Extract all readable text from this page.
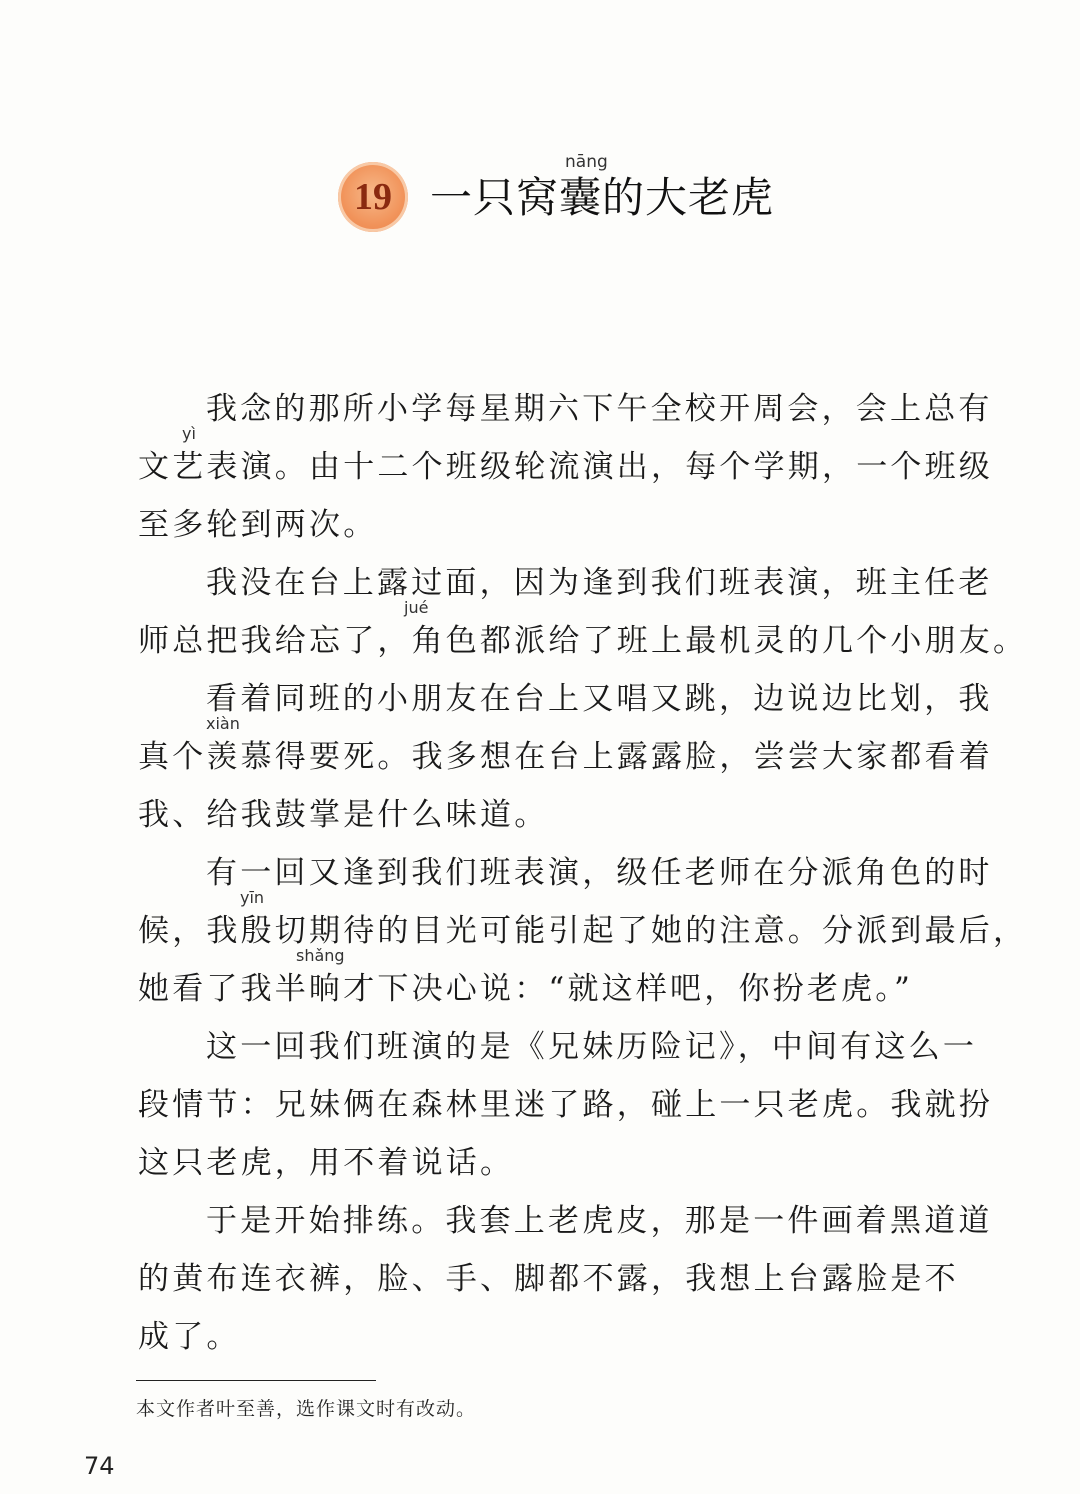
19
nāng
一只窝囊的大老虎
我念的那所小学每星期六下午全校开周会，会上总有
yì
文艺表演。由十二个班级轮流演出，每个学期，一个班级
至多轮到两次。
我没在台上露过面，因为逢到我们班表演，班主任老
jué
师总把我给忘了，角色都派给了班上最机灵的几个小朋友。
看着同班的小朋友在台上又唱又跳，边说边比划，我
xiàn
真个羡慕得要死。我多想在台上露露脸，尝尝大家都看着
我、给我鼓掌是什么味道。
有一回又逢到我们班表演，级任老师在分派角色的时
yīn
候，我殷切期待的目光可能引起了她的注意。分派到最后，
shǎng
她看了我半晌才下决心说：“就这样吧，你扮老虎。”
这一回我们班演的是《兄妹历险记》，中间有这么一
段情节：兄妹俩在森林里迷了路，碰上一只老虎。我就扮
这只老虎，用不着说话。
于是开始排练。我套上老虎皮，那是一件画着黑道道
的黄布连衣裤，脸、手、脚都不露，我想上台露脸是不
成了。
本文作者叶至善，选作课文时有改动。
74
